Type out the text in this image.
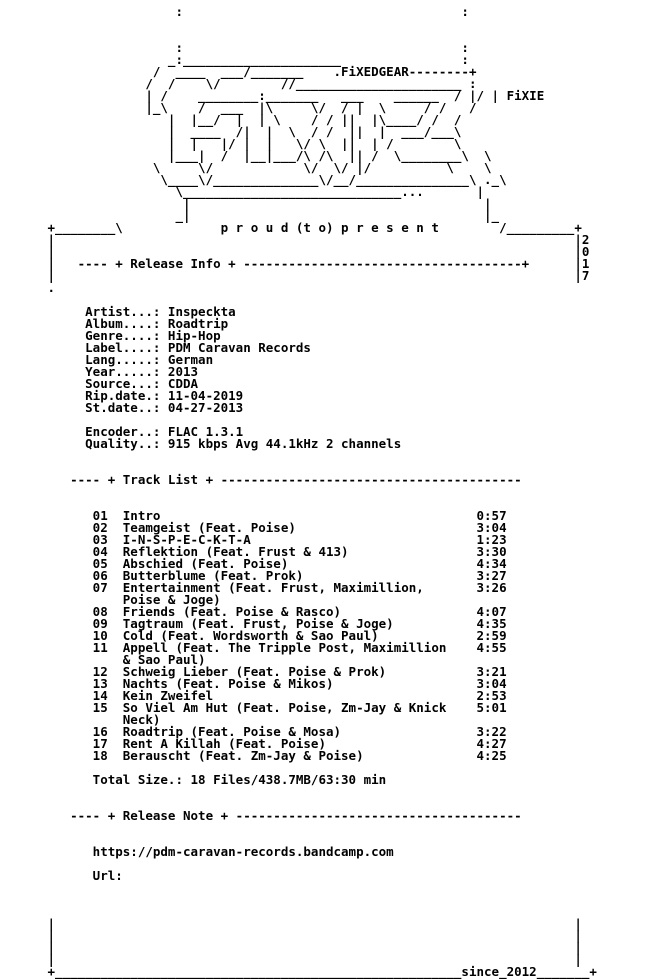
:                                     :

:                                     :
_:_____________________                :
/  ____  ___/_______    .FiXEDGEAR--------+
/  /    \/        //______________________ :
| /    ________:_______   ___    ______  / |/ | FiXIE
|_\    /  ___  |\     \/  / |  \     / /   /
|  |__/  |  | \    / / ||  |\____/ /  /
|  ____  /|  |  \  / /  ||  |  ___/___\
|  |   |/ |  |   \/ \  ||  | /        \
|___|  /  |__|___/\ /\  || /  \________\  \
\     \/            \/  \/ |/          \    \
\____\/______________\/__/_______________\ ._\
\_____________________________...       |
|                                       |
_|                                       |_
+________\             p r o u d (t o) p r e s e n t        /_________+
|                                                                     |2
|                                                                     |0
|   ---- + Release Info + -------------------------------------+      |1
|                                                                     |7
.

Artist...: Inspeckta
Album....: Roadtrip
Genre....: Hip-Hop
Label....: PDM Caravan Records
Lang.....: German
Year.....: 2013
Source...: CDDA
Rip.date.: 11-04-2019
St.date..: 04-27-2013

Encoder..: FLAC 1.3.1
Quality..: 915 kbps Avg 44.1kHz 2 channels

---- + Track List + ----------------------------------------

01  Intro                                          0:57
02  Teamgeist (Feat. Poise)                        3:04
03  I-N-S-P-E-C-K-T-A                              1:23
04  Reflektion (Feat. Frust & 413)                 3:30
05  Abschied (Feat. Poise)                         4:34
06  Butterblume (Feat. Prok)                       3:27
07  Entertainment (Feat. Frust, Maximillion,       3:26
Poise & Joge)
08  Friends (Feat. Poise & Rasco)                  4:07
09  Tagtraum (Feat. Frust, Poise & Joge)           4:35
10  Cold (Feat. Wordsworth & Sao Paul)             2:59
11  Appell (Feat. The Tripple Post, Maximillion    4:55
& Sao Paul)
12  Schweig Lieber (Feat. Poise & Prok)            3:21
13  Nachts (Feat. Poise & Mikos)                   3:04
14  Kein Zweifel                                   2:53
15  So Viel Am Hut (Feat. Poise, Zm-Jay & Knick    5:01
Neck)
16  Roadtrip (Feat. Poise & Mosa)                  3:22
17  Rent A Killah (Feat. Poise)                    4:27
18  Berauscht (Feat. Zm-Jay & Poise)               4:25

Total Size.: 18 Files/438.7MB/63:30 min

---- + Release Note + --------------------------------------

https://pdm-caravan-records.bandcamp.com

Url:

|                                                                     |
|                                                                     |
|                                                                     |
|                                                                     |
+______________________________________________________since_2012_______+
